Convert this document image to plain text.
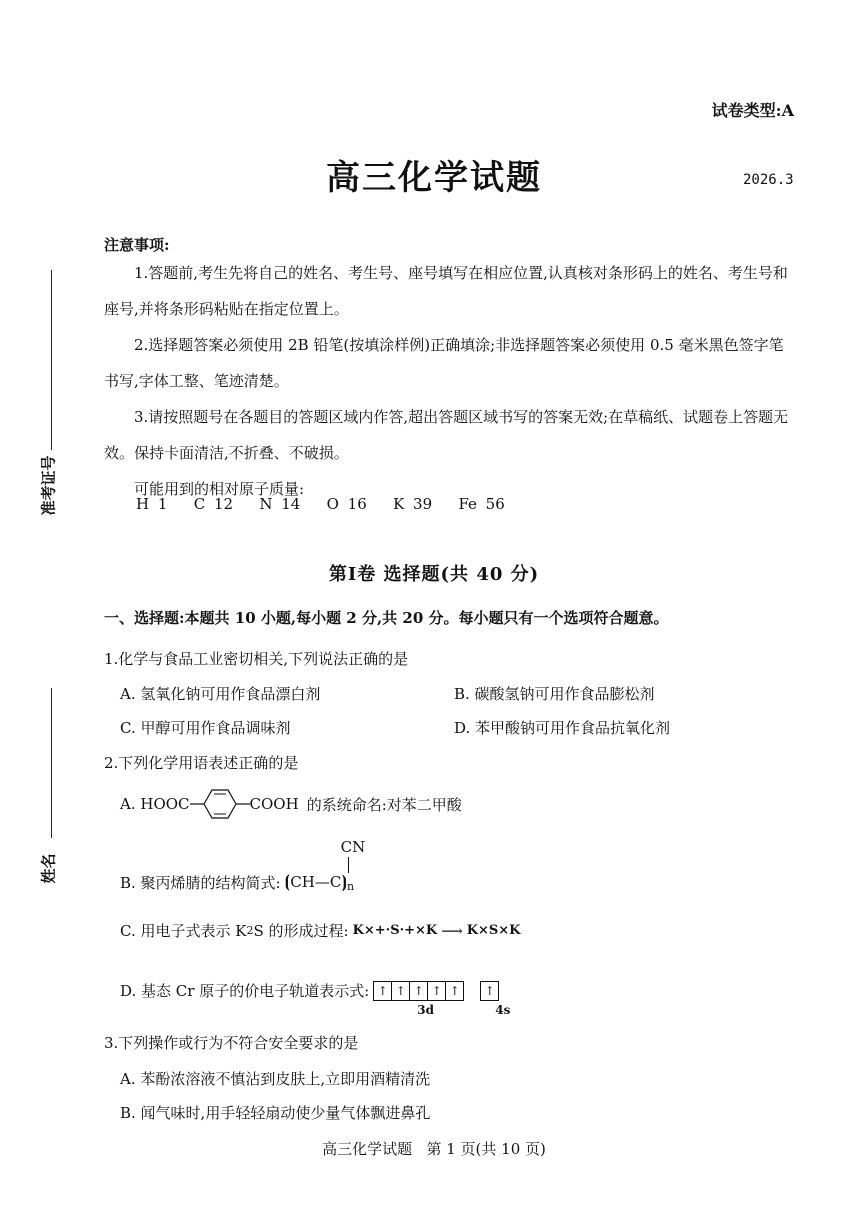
试卷类型:A
高三化学试题	2026.3
准考证号
姓名
注意事项:
1.答题前,考生先将自己的姓名、考生号、座号填写在相应位置,认真核对条形码上的姓名、考生号和座号,并将条形码粘贴在指定位置上。
2.选择题答案必须使用 2B 铅笔(按填涂样例)正确填涂;非选择题答案必须使用 0.5 毫米黑色签字笔书写,字体工整、笔迹清楚。
3.请按照题号在各题目的答题区域内作答,超出答题区域书写的答案无效;在草稿纸、试题卷上答题无效。保持卡面清洁,不折叠、不破损。
可能用到的相对原子质量:
H 1   C 12   N 14   O 16   K 39   Fe 56
第Ⅰ卷 选择题(共 40 分)
一、选择题:本题共 10 小题,每小题 2 分,共 20 分。每小题只有一个选项符合题意。
1.化学与食品工业密切相关,下列说法正确的是
A. 氢氧化钠可用作食品漂白剂	B. 碳酸氢钠可用作食品膨松剂
C. 甲醇可用作食品调味剂	D. 苯甲酸钠可用作食品抗氧化剂
2.下列化学用语表述正确的是
A. HOOC	COOH 的系统命名:对苯二甲酸
B. 聚丙烯腈的结构简式: $⦗CH—C⦘_n$
CN
C. 用电子式表示 K 2 S 的形成过程: K×+·S·+×K ⟶ K×S×K
D. 基态 Cr 原子的价电子轨道表示式: ↑ ↑ ↑ ↑ ↑ ↑
3d	4s
3.下列操作或行为不符合安全要求的是
A. 苯酚浓溶液不慎沾到皮肤上,立即用酒精清洗
B. 闻气味时,用手轻轻扇动使少量气体飘进鼻孔
高三化学试题   第 1 页(共 10 页)
